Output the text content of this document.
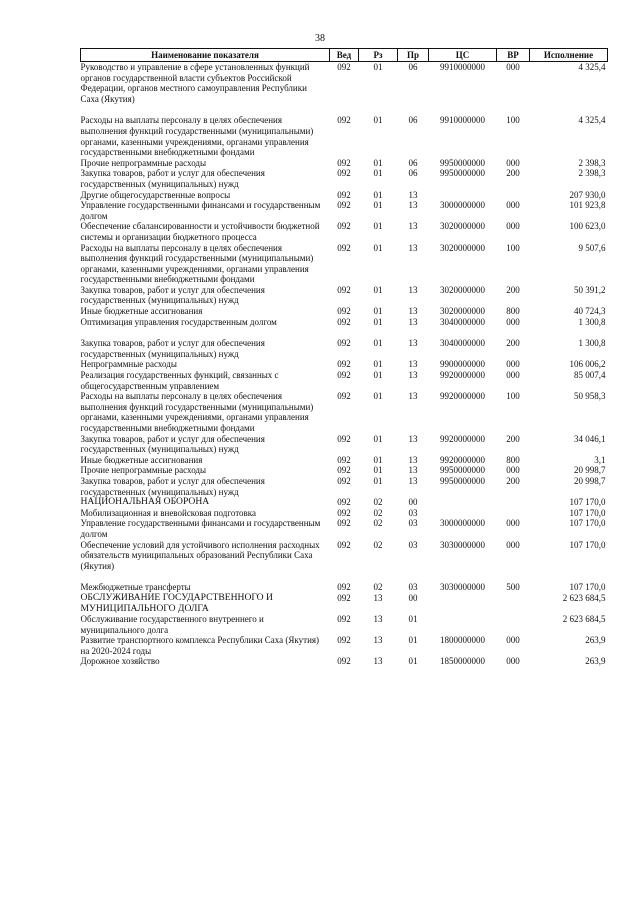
38
Наименование показателя	Вед	Рз	Пр	ЦС	ВР	Исполнение
Руководство и управление в сфере установленных функций органов государственной власти субъектов Российской Федерации, органов местного самоуправления Республики Саха (Якутия)	092	01	06	9910000000	000	4 325,4

Расходы на выплаты персоналу в целях обеспечения выполнения функций государственными (муниципальными) органами, казенными учреждениями, органами управления государственными внебюджетными фондами	092	01	06	9910000000	100	4 325,4
Прочие непрограммные расходы	092	01	06	9950000000	000	2 398,3
Закупка товаров, работ и услуг для обеспечения государственных (муниципальных) нужд	092	01	06	9950000000	200	2 398,3
Другие общегосударственные вопросы	092	01	13			207 930,0
Управление государственными финансами и государственным долгом	092	01	13	3000000000	000	101 923,8
Обеспечение сбалансированности и устойчивости бюджетной системы и организации бюджетного процесса	092	01	13	3020000000	000	100 623,0
Расходы на выплаты персоналу в целях обеспечения выполнения функций государственными (муниципальными) органами, казенными учреждениями, органами управления государственными внебюджетными фондами	092	01	13	3020000000	100	9 507,6
Закупка товаров, работ и услуг для обеспечения государственных (муниципальных) нужд	092	01	13	3020000000	200	50 391,2
Иные бюджетные ассигнования	092	01	13	3020000000	800	40 724,3
Оптимизация управления государственным долгом	092	01	13	3040000000	000	1 300,8

Закупка товаров, работ и услуг для обеспечения государственных (муниципальных) нужд	092	01	13	3040000000	200	1 300,8
Непрограммные расходы	092	01	13	9900000000	000	106 006,2
Реализация государственных функций, связанных с общегосударственным управлением	092	01	13	9920000000	000	85 007,4
Расходы на выплаты персоналу в целях обеспечения выполнения функций государственными (муниципальными) органами, казенными учреждениями, органами управления государственными внебюджетными фондами	092	01	13	9920000000	100	50 958,3
Закупка товаров, работ и услуг для обеспечения государственных (муниципальных) нужд	092	01	13	9920000000	200	34 046,1
Иные бюджетные ассигнования	092	01	13	9920000000	800	3,1
Прочие непрограммные расходы	092	01	13	9950000000	000	20 998,7
Закупка товаров, работ и услуг для обеспечения государственных (муниципальных) нужд	092	01	13	9950000000	200	20 998,7
НАЦИОНАЛЬНАЯ ОБОРОНА	092	02	00			107 170,0
Мобилизационная и вневойсковая подготовка	092	02	03			107 170,0
Управление государственными финансами и государственным долгом	092	02	03	3000000000	000	107 170,0
Обеспечение условий для устойчивого исполнения расходных обязательств муниципальных образований Республики Саха (Якутия)	092	02	03	3030000000	000	107 170,0

Межбюджетные трансферты	092	02	03	3030000000	500	107 170,0
ОБСЛУЖИВАНИЕ ГОСУДАРСТВЕННОГО И МУНИЦИПАЛЬНОГО ДОЛГА	092	13	00			2 623 684,5
Обслуживание государственного внутреннего и муниципального долга	092	13	01			2 623 684,5
Развитие транспортного комплекса Республики Саха (Якутия) на 2020-2024 годы	092	13	01	1800000000	000	263,9
Дорожное хозяйство	092	13	01	1850000000	000	263,9
